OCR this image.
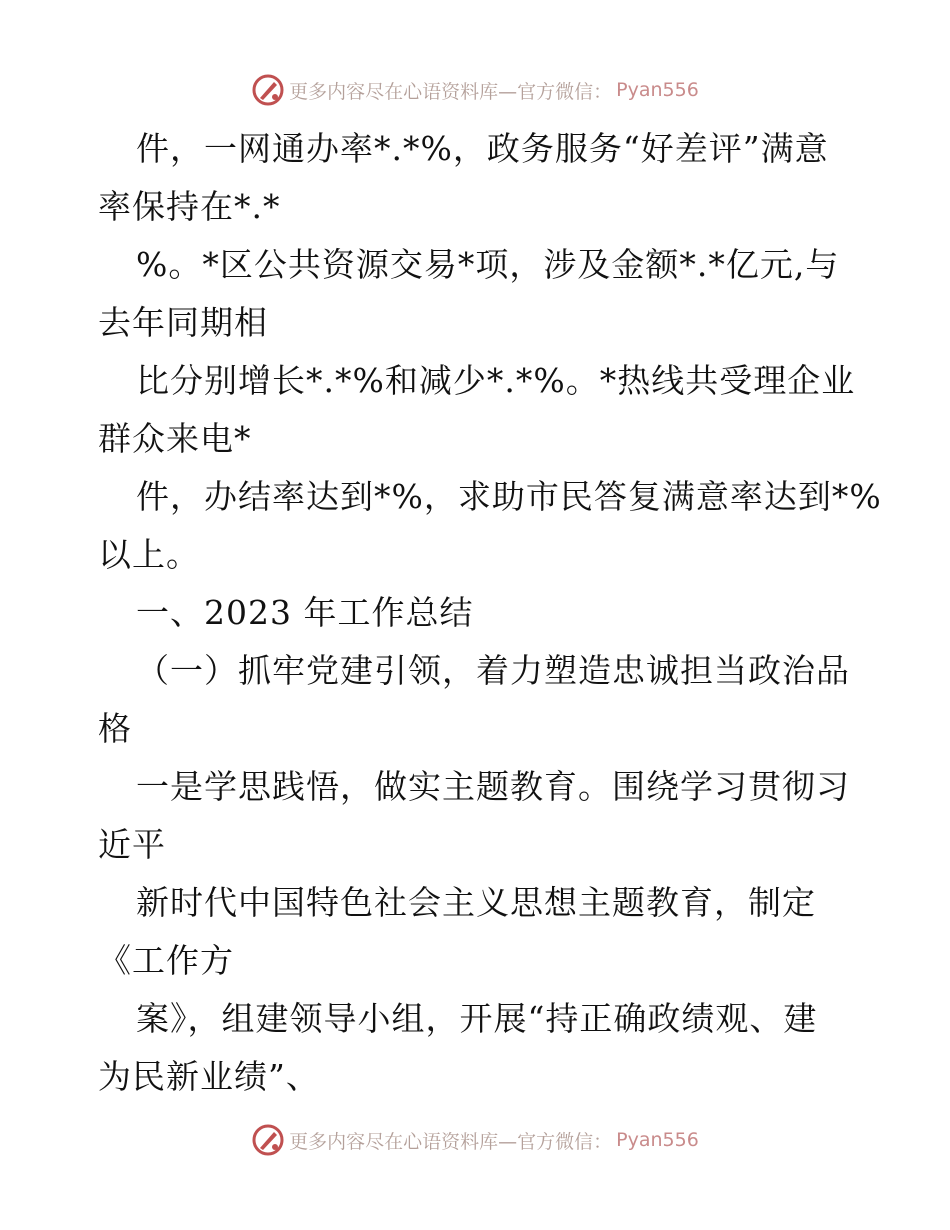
更多内容尽在心语资料库—官方微信： Pyan556
件，一网通办率*.*%，政务服务“好差评”满意
率保持在*.*
%。*区公共资源交易*项，涉及金额*.*亿元,与
去年同期相
比分别增长*.*%和减少*.*%。*热线共受理企业
群众来电*
件，办结率达到*%，求助市民答复满意率达到*%
以上。
一、2023 年工作总结
（一）抓牢党建引领，着力塑造忠诚担当政治品
格
一是学思践悟，做实主题教育。围绕学习贯彻习
近平
新时代中国特色社会主义思想主题教育，制定
《工作方
案》，组建领导小组，开展“持正确政绩观、建
为民新业绩”、
更多内容尽在心语资料库—官方微信： Pyan556
